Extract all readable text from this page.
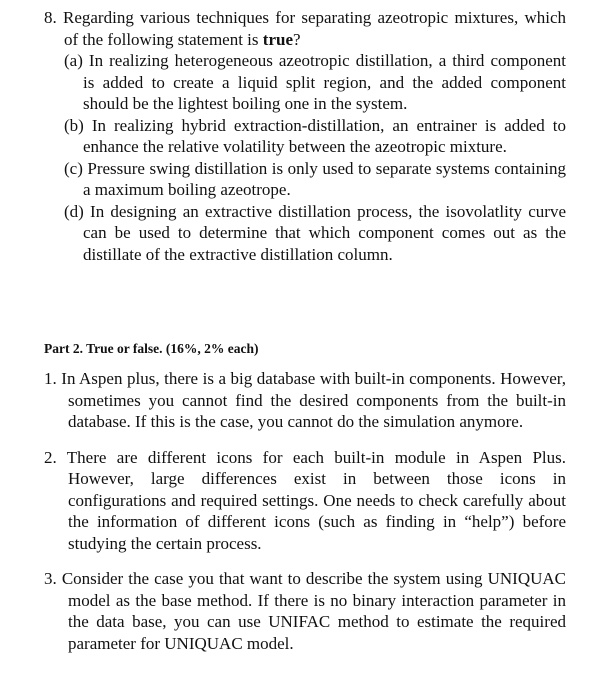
8. Regarding various techniques for separating azeotropic mixtures, which of the following statement is true?
(a) In realizing heterogeneous azeotropic distillation, a third component is added to create a liquid split region, and the added component should be the lightest boiling one in the system.
(b) In realizing hybrid extraction-distillation, an entrainer is added to enhance the relative volatility between the azeotropic mixture.
(c) Pressure swing distillation is only used to separate systems containing a maximum boiling azeotrope.
(d) In designing an extractive distillation process, the isovolatlity curve can be used to determine that which component comes out as the distillate of the extractive distillation column.
Part 2. True or false. (16%, 2% each)
1. In Aspen plus, there is a big database with built-in components. However, sometimes you cannot find the desired components from the built-in database. If this is the case, you cannot do the simulation anymore.
2. There are different icons for each built-in module in Aspen Plus. However, large differences exist in between those icons in configurations and required settings. One needs to check carefully about the information of different icons (such as finding in “help”) before studying the certain process.
3. Consider the case you that want to describe the system using UNIQUAC model as the base method. If there is no binary interaction parameter in the data base, you can use UNIFAC method to estimate the required parameter for UNIQUAC model.
